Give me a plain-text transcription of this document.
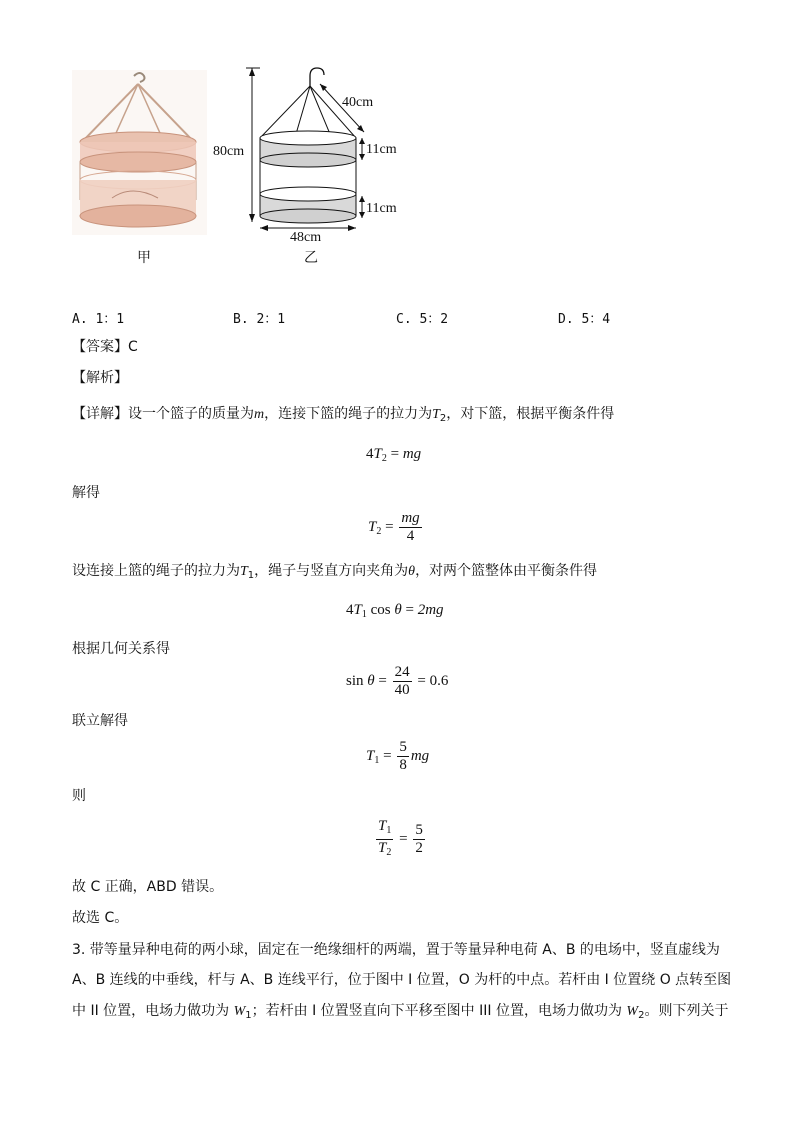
甲
40cm
80cm	11cm
11cm
48cm
乙
A. 1：1	B. 2：1	C. 5：2	D. 5：4
【答案】C
【解析】
【详解】设一个篮子的质量为m，连接下篮的绳子的拉力为$T_2$，对下篮，根据平衡条件得
$4T_2$ = mg
解得
$T_2 = \frac{mg}{4}$
设连接上篮的绳子的拉力为$T_1$，绳子与竖直方向夹角为θ，对两个篮整体由平衡条件得
$4T_1$ cos θ = 2mg
根据几何关系得
$\sin \theta = \frac{24}{40} = 0.6$
联立解得
$T_1 = \frac{5}{8}$ mg
则
$\frac{T_1}{T_2} = \frac{5}{2}$
故 C 正确，ABD 错误。
故选 C。
3. 带等量异种电荷的两小球，固定在一绝缘细杆的两端，置于等量异种电荷 A、B 的电场中，竖直虚线为
A、B 连线的中垂线，杆与 A、B 连线平行，位于图中 I 位置，O 为杆的中点。若杆由 I 位置绕 O 点转至图
中 II 位置，电场力做功为 $W_1$；若杆由 I 位置竖直向下平移至图中 III 位置，电场力做功为 $W_2$。则下列关于
